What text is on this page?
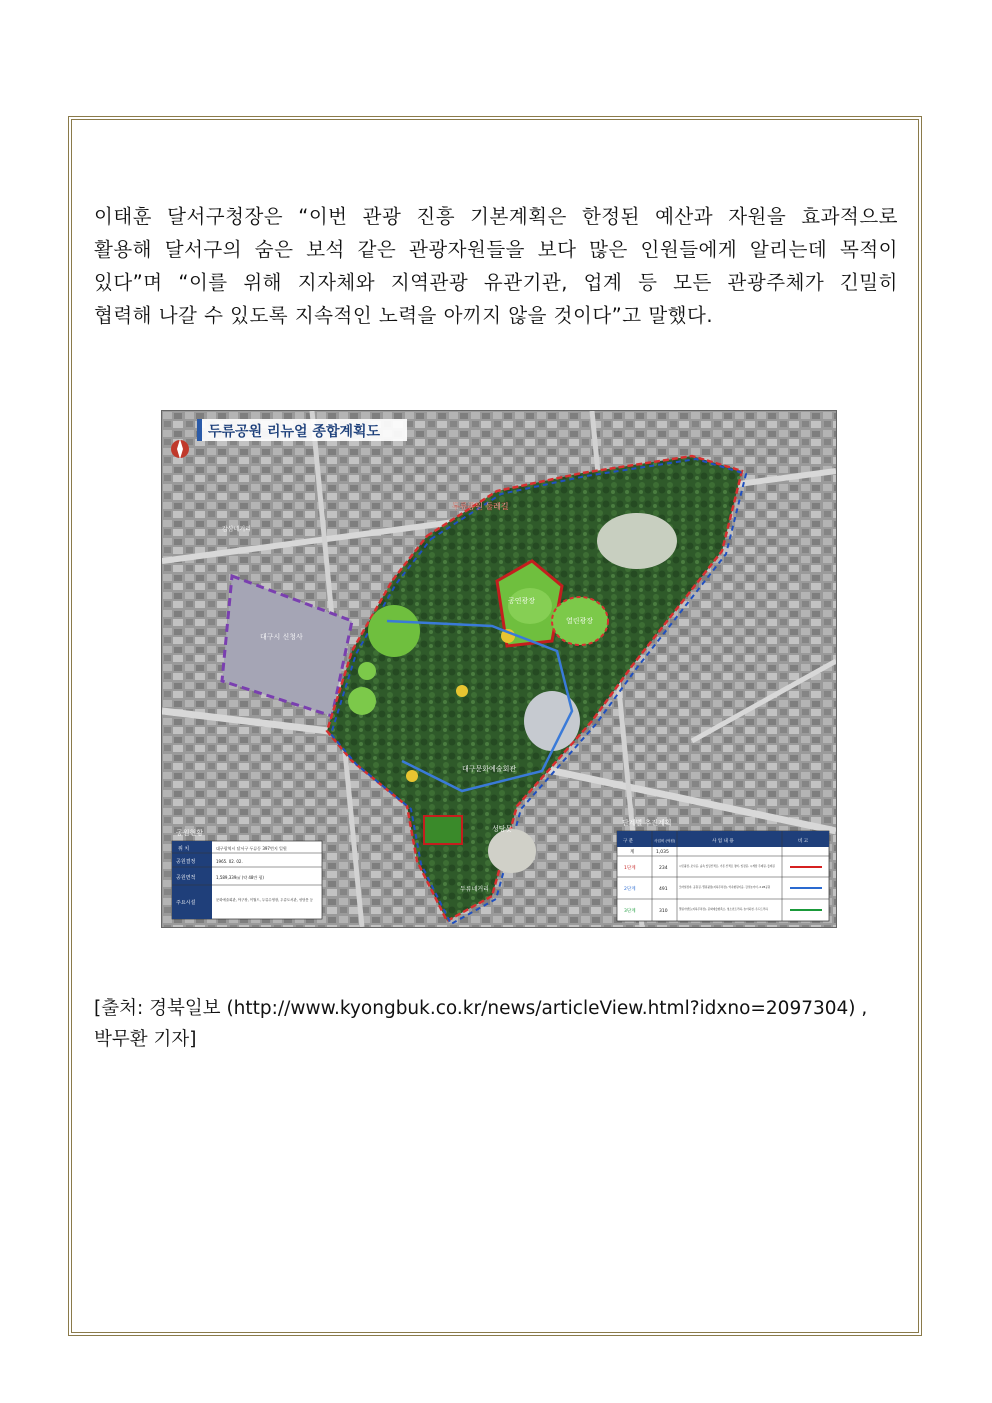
이태훈 달서구청장은 “이번 관광 진흥 기본계획은 한정된 예산과 자원을 효과적으로
활용해 달서구의 숨은 보석 같은 관광자원들을 보다 많은 인원들에게 알리는데 목적이
있다”며 “이를 위해 지자체와 지역관광 유관기관, 업계 등 모든 관광주체가 긴밀히
협력해 나갈 수 있도록 지속적인 노력을 아끼지 않을 것이다”고 말했다.
두류공원 리뉴얼 종합계획도
두류공원 둘레길
공연광장
열린광장
대구시 신청사
대구문화예술회관
성당못
두류네거리
감삼네거리
공원현황
위 치	대구광역시 달서구 두류동 397번지 일원
공원결정	1965. 02. 02.
공원면적	1,589,339㎡ (약 48만 평)
주요시설	문화예술회관, 야구장, 이월드, 두류수영장, 두류도서관, 성당못 등
단계별 추진계획
구 분	사업비 (억원)	사 업 내 용	비 고
계	1,035
1단계	234	시민광장, 조사공, 숲속 힐링산책로, 기존 산책로 정비, 입장문, 시계탑 주제원, 둘레길
2단계	491	모바일정자, 공원길, 열린광장(지하주차장), 악속향원이음, 감성놀이터, 2·28공원
3단계	310	열린이벤트(지하주차장), 문화예술향촉소, 청소년트리하, 놀이하천, 우드트리하
[출처: 경북일보 (http://www.kyongbuk.co.kr/news/articleView.html?idxno=2097304) ,
박무환 기자]
